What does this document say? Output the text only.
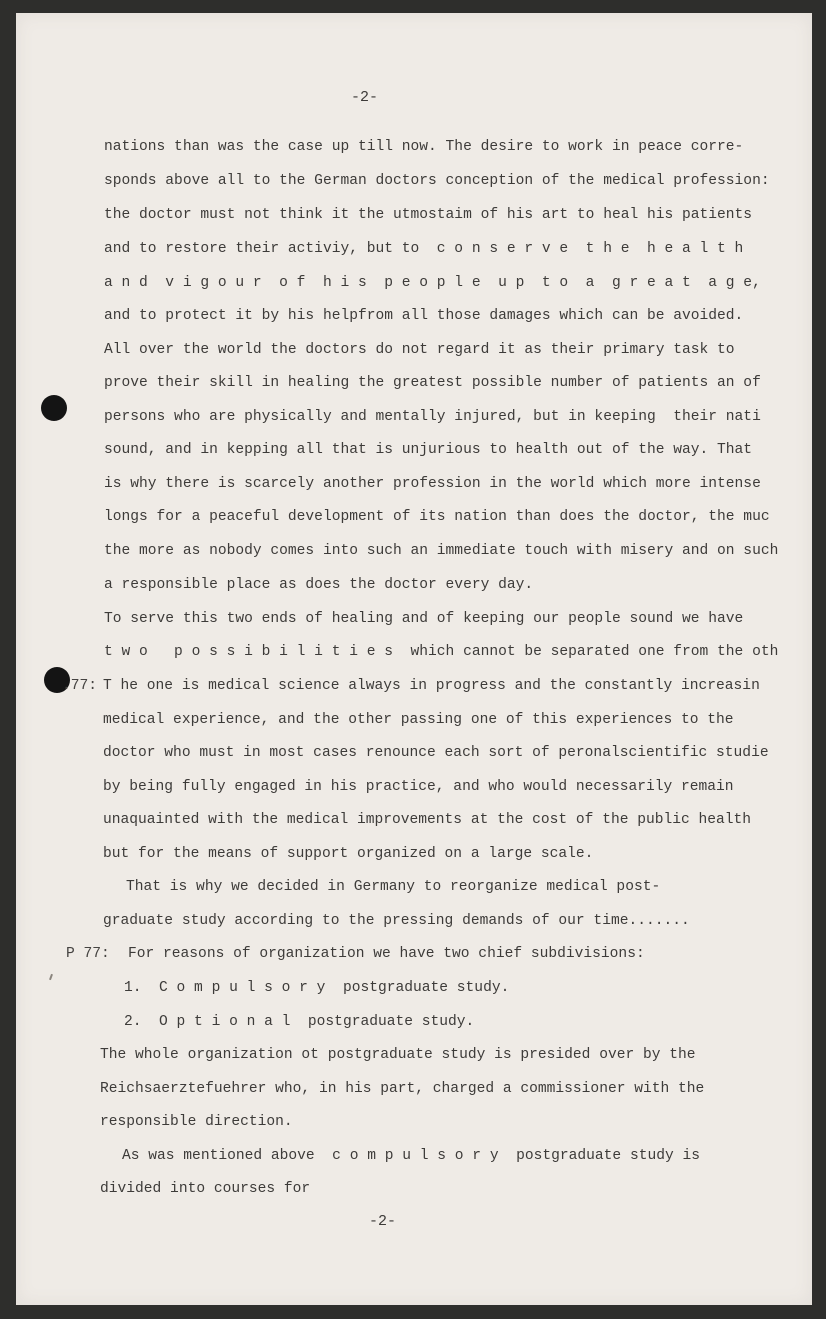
-2-
nations than was the case up till now. The desire to work in peace corre-
sponds above all to the German doctors conception of the medical profession:
the doctor must not think it the utmostaim of his art to heal his patients
and to restore their activiy, but to  c o n s e r v e  t h e  h e a l t h
a n d  v i g o u r  o f  h i s  p e o p l e  u p  t o  a  g r e a t  a g e,
and to protect it by his helpfrom all those damages which can be avoided.
All over the world the doctors do not regard it as their primary task to
prove their skill in healing the greatest possible number of patients an of
persons who are physically and mentally injured, but in keeping  their nati
sound, and in kepping all that is unjurious to health out of the way. That
is why there is scarcely another profession in the world which more intense
longs for a peaceful development of its nation than does the doctor, the muc
the more as nobody comes into such an immediate touch with misery and on such
a responsible place as does the doctor every day.
To serve this two ends of healing and of keeping our people sound we have
t w o   p o s s i b i l i t i e s  which cannot be separated one from the oth
.77: T he one is medical science always in progress and the constantly increasin
medical experience, and the other passing one of this experiences to the
doctor who must in most cases renounce each sort of peronalscientific studie
by being fully engaged in his practice, and who would necessarily remain
unaquainted with the medical improvements at the cost of the public health
but for the means of support organized on a large scale.
That is why we decided in Germany to reorganize medical post-
graduate study according to the pressing demands of our time.......
P 77: For reasons of organization we have two chief subdivisions:
1.  C o m p u l s o r y  postgraduate study.
2.  O p t i o n a l  postgraduate study.
The whole organization ot postgraduate study is presided over by the
Reichsaerztefuehrer who, in his part, charged a commissioner with the
responsible direction.
As was mentioned above  c o m p u l s o r y  postgraduate study is
divided into courses for
-2-
